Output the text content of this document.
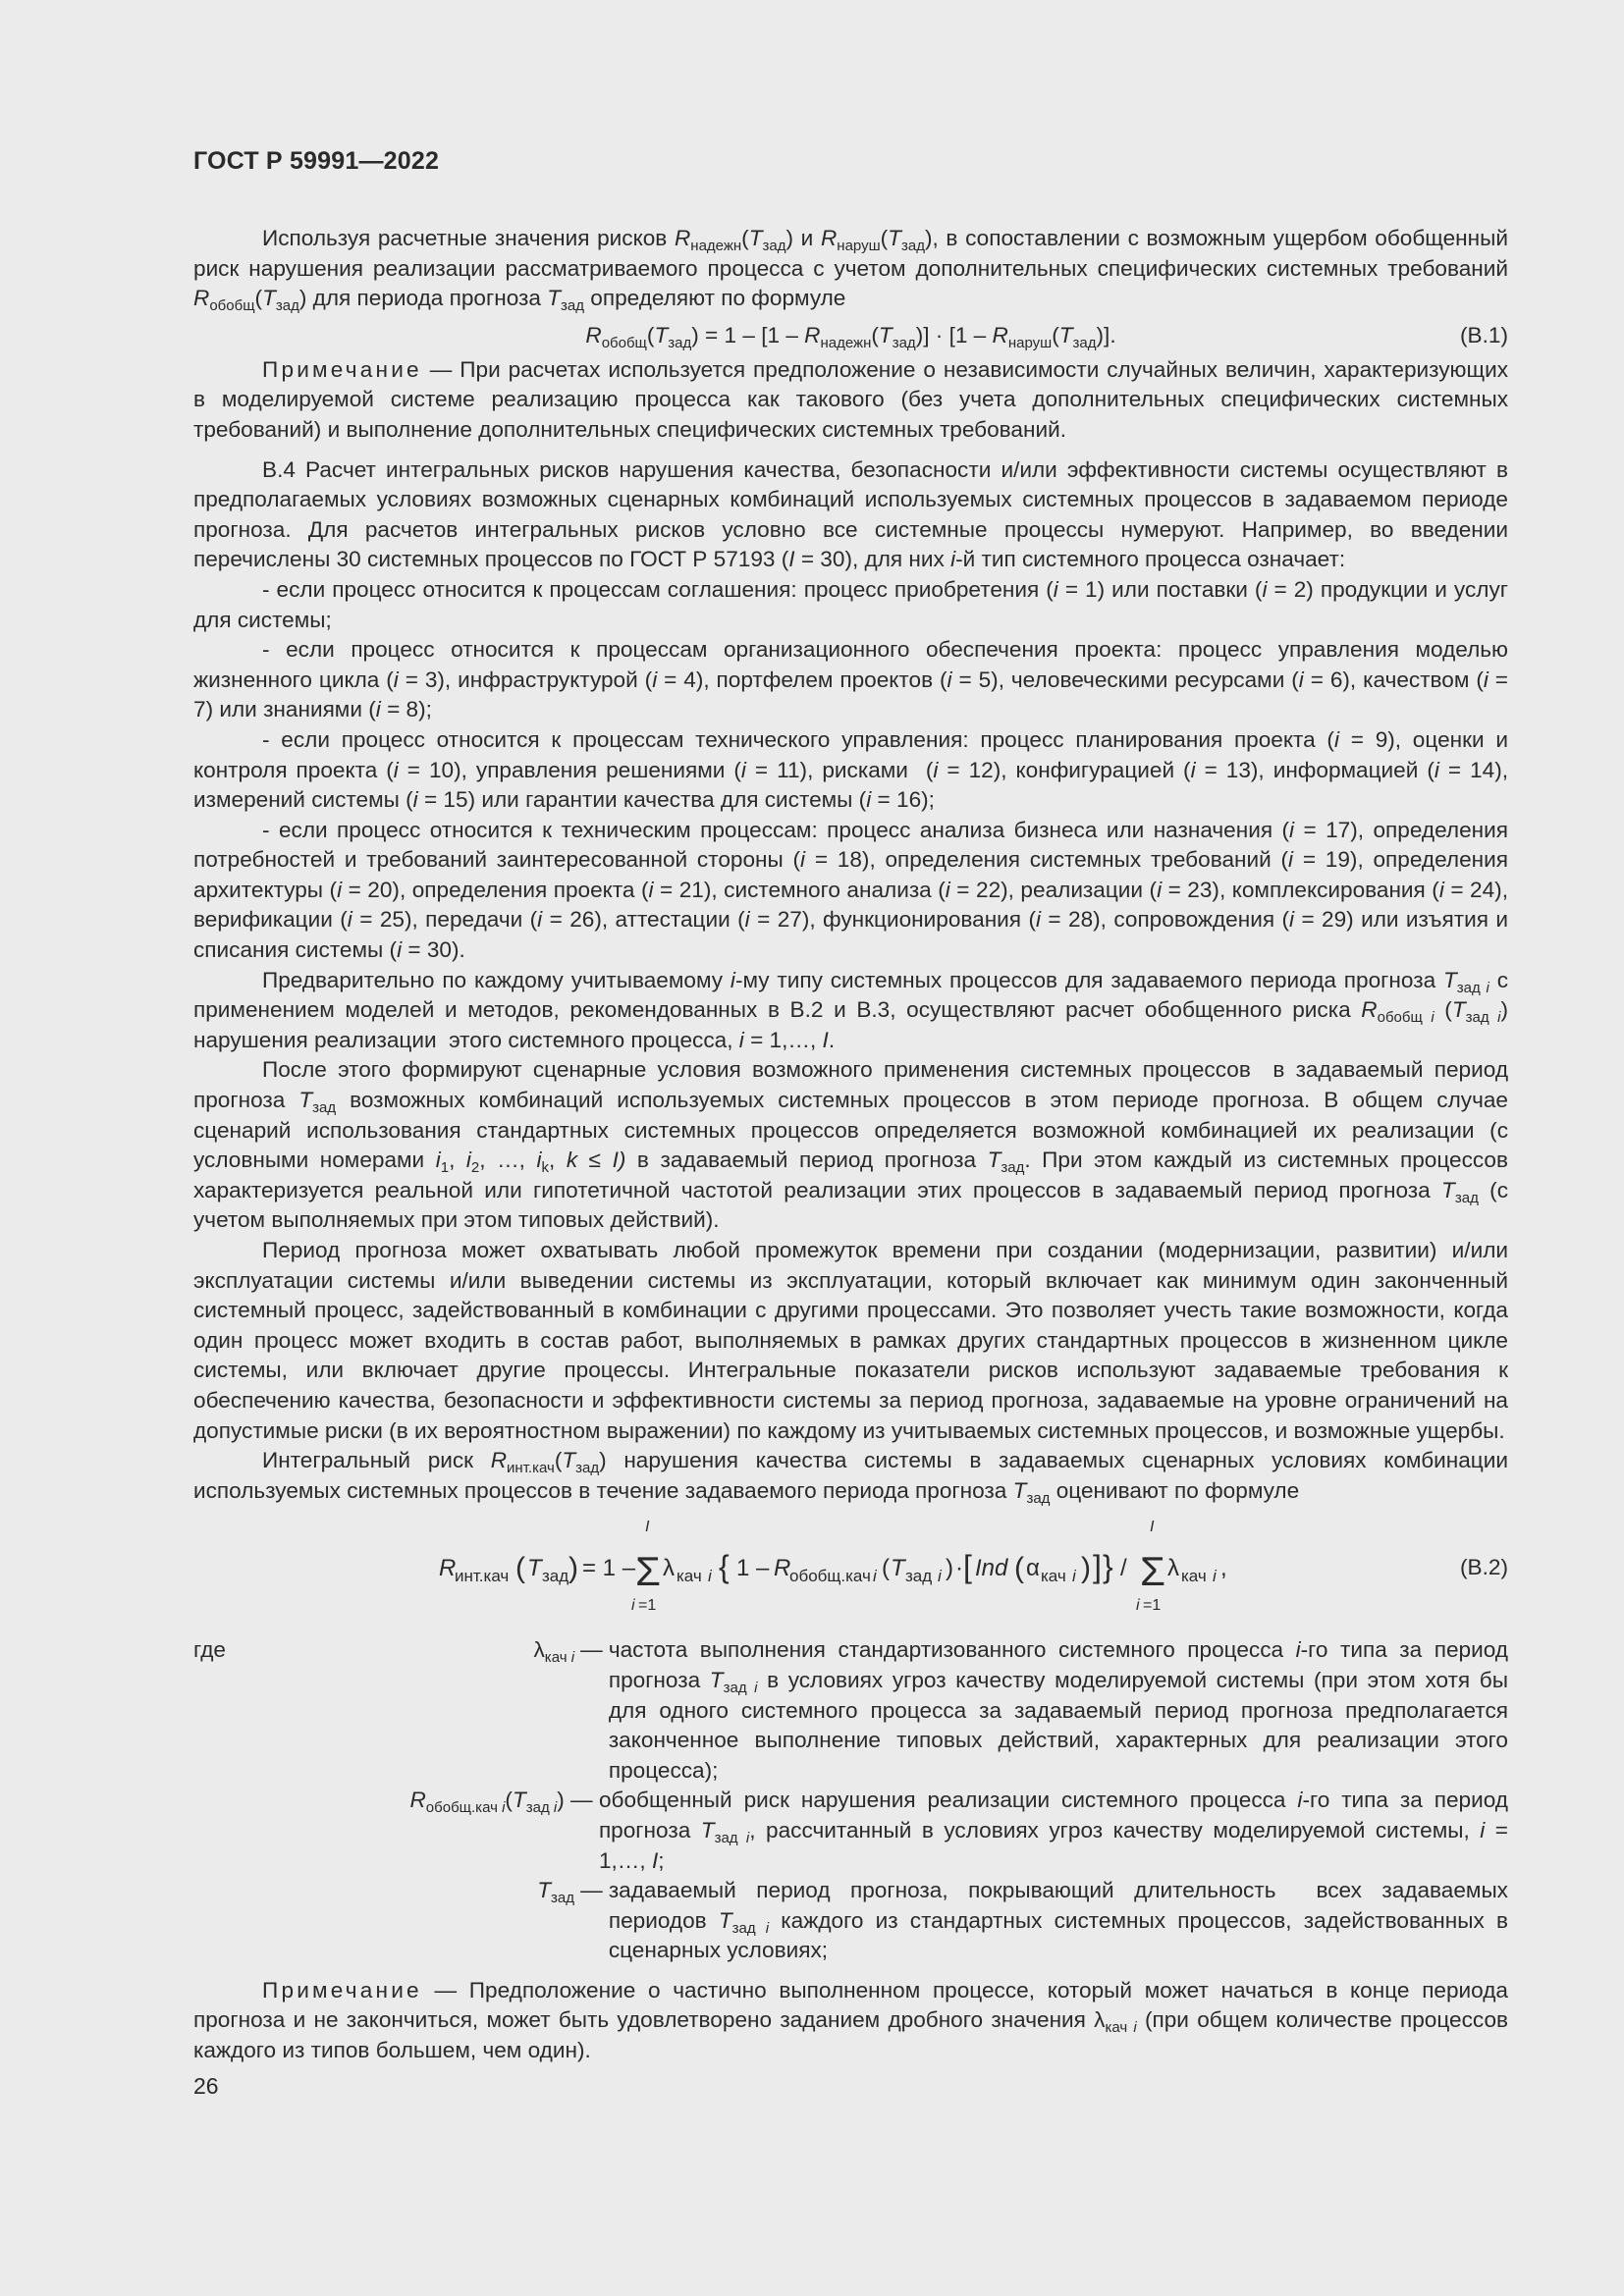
ГОСТ Р 59991—2022

Используя расчетные значения рисков $R_{надежн}(T_{зад})$ и $R_{наруш}(T_{зад})$, в сопоставлении с возможным ущербом обобщенный риск нарушения реализации рассматриваемого процесса с учетом дополнительных специфических системных требований $R_{обобщ}(T_{зад})$ для периода прогноза $T_{зад}$ определяют по формуле

$R_{обобщ}(T_{зад}) = 1 - [1 - R_{надежн}(T_{зад})] \cdot [1 - R_{наруш}(T_{зад})]$.	(В.1)

Примечание — При расчетах используется предположение о независимости случайных величин, характеризующих в моделируемой системе реализацию процесса как такового (без учета дополнительных специфических системных требований) и выполнение дополнительных специфических системных требований.

В.4 Расчет интегральных рисков нарушения качества, безопасности и/или эффективности системы осуществляют в предполагаемых условиях возможных сценарных комбинаций используемых системных процессов в задаваемом периоде прогноза. Для расчетов интегральных рисков условно все системные процессы нумеруют. Например, во введении перечислены 30 системных процессов по ГОСТ Р 57193 (I = 30), для них i-й тип системного процесса означает:

- если процесс относится к процессам соглашения: процесс приобретения (i = 1) или поставки (i = 2) продукции и услуг для системы;

- если процесс относится к процессам организационного обеспечения проекта: процесс управления моделью жизненного цикла (i = 3), инфраструктурой (i = 4), портфелем проектов (i = 5), человеческими ресурсами (i = 6), качеством (i = 7) или знаниями (i = 8);

- если процесс относится к процессам технического управления: процесс планирования проекта (i = 9), оценки и контроля проекта (i = 10), управления решениями (i = 11), рисками  (i = 12), конфигурацией (i = 13), информацией (i = 14), измерений системы (i = 15) или гарантии качества для системы (i = 16);

- если процесс относится к техническим процессам: процесс анализа бизнеса или назначения (i = 17), определения потребностей и требований заинтересованной стороны (i = 18), определения системных требований (i = 19), определения архитектуры (i = 20), определения проекта (i = 21), системного анализа (i = 22), реализации (i = 23), комплексирования (i = 24), верификации (i = 25), передачи (i = 26), аттестации (i = 27), функционирования (i = 28), сопровождения (i = 29) или изъятия и списания системы (i = 30).

Предварительно по каждому учитываемому i-му типу системных процессов для задаваемого периода прогноза $T_{зад i}$ с применением моделей и методов, рекомендованных в В.2 и В.3, осуществляют расчет обобщенного риска $R_{обобщ i}$ $(T_{зад i})$ нарушения реализации  этого системного процесса, i = 1,…, I.

После этого формируют сценарные условия возможного применения системных процессов  в задаваемый период прогноза $T_{зад}$ возможных комбинаций используемых системных процессов в этом периоде прогноза. В общем случае сценарий использования стандартных системных процессов определяется возможной комбинацией их реализации (с условными номерами $i_1$, $i_2$, …, $i_k$, k ≤ I) в задаваемый период прогноза $T_{зад}$. При этом каждый из системных процессов характеризуется реальной или гипотетичной частотой реализации этих процессов в задаваемый период прогноза $T_{зад}$ (с учетом выполняемых при этом типовых действий).

Период прогноза может охватывать любой промежуток времени при создании (модернизации, развитии) и/или эксплуатации системы и/или выведении системы из эксплуатации, который включает как минимум один законченный системный процесс, задействованный в комбинации с другими процессами. Это позволяет учесть такие возможности, когда один процесс может входить в состав работ, выполняемых в рамках других стандартных процессов в жизненном цикле системы, или включает другие процессы. Интегральные показатели рисков используют задаваемые требования к обеспечению качества, безопасности и эффективности системы за период прогноза, задаваемые на уровне ограничений на допустимые риски (в их вероятностном выражении) по каждому из учитываемых системных процессов, и возможные ущербы.

Интегральный риск $R_{инт.кач}(T_{зад})$ нарушения качества системы в задаваемых сценарных условиях комбинации используемых системных процессов в течение задаваемого периода прогноза $T_{зад}$ оценивают по формуле

R
инт.кач ( T зад ) = 1 –
I
Σ
i =1
λ кач i { 1 – R
обобщ.кач i ( T зад i ) · [ Ind ( α кач i ) ] } /
I
Σ
i =1
λ кач i ,	(В.2)
где	$\lambda_{кач i}$ — частота выполнения стандартизованного системного процесса i-го типа за период прогноза $T_{зад i}$ в условиях угроз качеству моделируемой системы (при этом хотя бы для одного системного процесса за задаваемый период прогноза предполагается законченное выполнение типовых действий, характерных для реализации этого процесса);
$R_{обобщ.кач i}(T_{зад i})$ — обобщенный риск нарушения реализации системного процесса i-го типа за период прогноза $T_{зад i}$, рассчитанный в условиях угроз качеству моделируемой системы, i = 1,…, I;
$T_{зад}$ — задаваемый период прогноза, покрывающий длительность  всех задаваемых периодов $T_{зад i}$ каждого из стандартных системных процессов, задействованных в сценарных условиях;

Примечание — Предположение о частично выполненном процессе, который может начаться в конце периода прогноза и не закончиться, может быть удовлетворено заданием дробного значения $\lambda_{кач i}$ (при общем количестве процессов каждого из типов большем, чем один).

26
